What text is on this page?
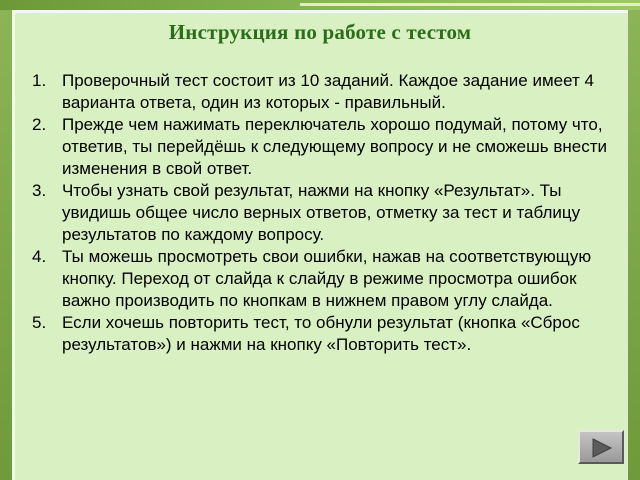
Инструкция по работе с тестом
1. Проверочный тест состоит из 10 заданий. Каждое задание имеет 4 варианта ответа, один из которых - правильный.
2. Прежде чем нажимать переключатель хорошо подумай, потому что, ответив, ты перейдёшь к следующему вопросу и не сможешь внести изменения в свой ответ.
3. Чтобы узнать свой результат, нажми на кнопку «Результат». Ты увидишь общее число верных ответов, отметку за тест и таблицу результатов по каждому вопросу.
4. Ты можешь просмотреть свои ошибки, нажав на соответствующую кнопку. Переход от слайда к слайду в режиме просмотра ошибок важно производить по кнопкам в нижнем правом углу слайда.
5. Если хочешь повторить тест, то обнули результат (кнопка «Сброс результатов») и нажми на кнопку «Повторить тест».
